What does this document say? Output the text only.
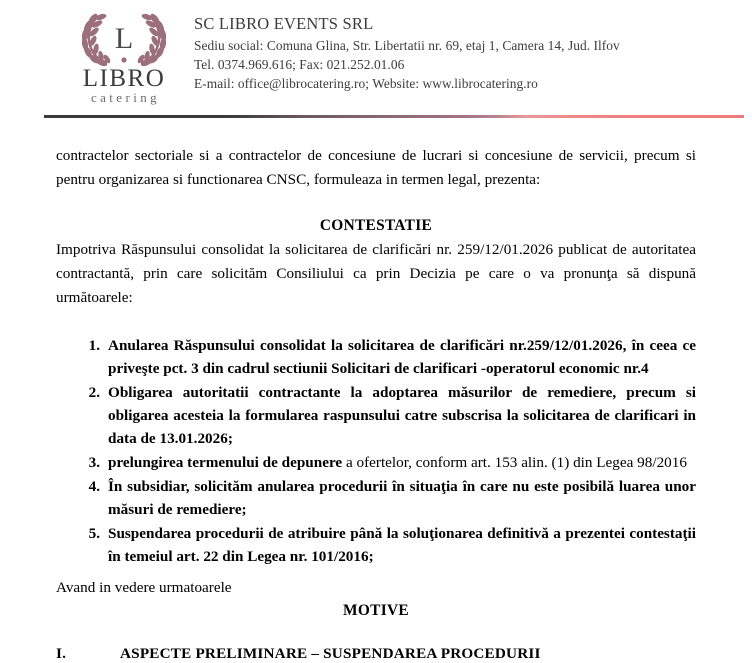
L
LIBRO
catering
SC LIBRO EVENTS SRL
Sediu social: Comuna Glina, Str. Libertatii nr. 69, etaj 1, Camera 14, Jud. Ilfov
Tel. 0374.969.616; Fax: 021.252.01.06
E-mail: office@librocatering.ro; Website: www.librocatering.ro

contractelor sectoriale si a contractelor de concesiune de lucrari si concesiune de servicii, precum si pentru organizarea si functionarea CNSC, formuleaza in termen legal, prezenta:

CONTESTATIE

Impotriva Răspunsului consolidat la solicitarea de clarificări nr. 259/12/01.2026 publicat de autoritatea contractantă, prin care solicităm Consiliului ca prin Decizia pe care o va pronunţa să dispună următoarele:

Anularea Răspunsului consolidat la solicitarea de clarificări nr.259/12/01.2026, în ceea ce priveşte pct. 3 din cadrul sectiunii Solicitari de clarificari -operatorul economic nr.4
Obligarea autoritatii contractante la adoptarea măsurilor de remediere, precum si obligarea acesteia la formularea raspunsului catre subscrisa la solicitarea de clarificari in data de 13.01.2026;
prelungirea termenului de depunere a ofertelor, conform art. 153 alin. (1) din Legea 98/2016
În subsidiar, solicităm anularea procedurii în situaţia în care nu este posibilă luarea unor măsuri de remediere;
Suspendarea procedurii de atribuire până la soluţionarea definitivă a prezentei contestaţii în temeiul art. 22 din Legea nr. 101/2016;

Avand in vedere urmatoarele

MOTIVE

I.	ASPECTE PRELIMINARE – SUSPENDAREA PROCEDURII
